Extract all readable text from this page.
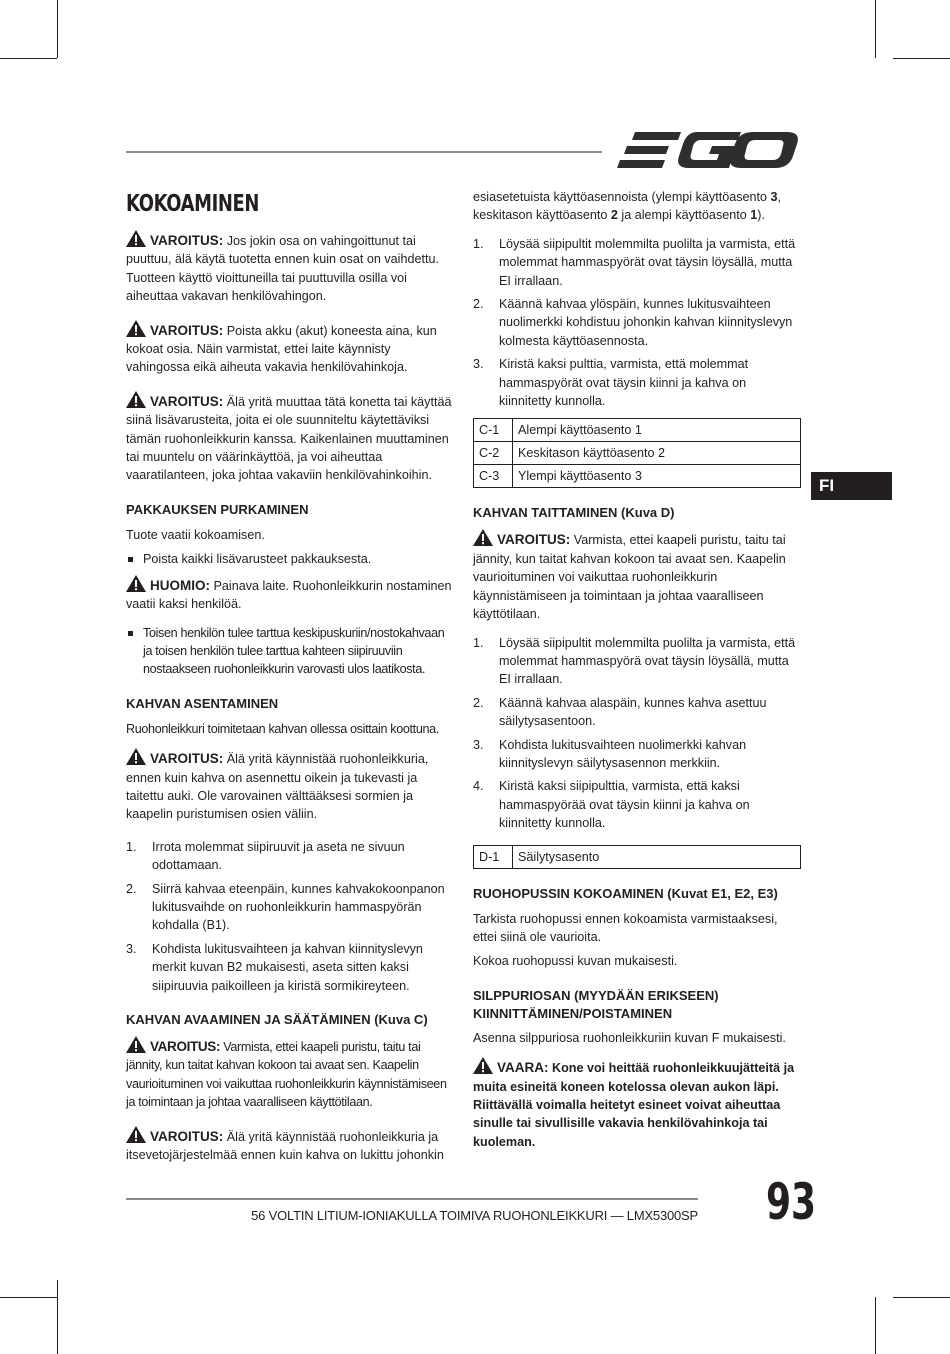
FI
KOKOAMINEN

VAROITUS: Jos jokin osa on vahingoittunut tai puuttuu, älä käytä tuotetta ennen kuin osat on vaihdettu. Tuotteen käyttö vioittuneilla tai puuttuvilla osilla voi aiheuttaa vakavan henkilövahingon.

VAROITUS: Poista akku (akut) koneesta aina, kun kokoat osia. Näin varmistat, ettei laite käynnisty vahingossa eikä aiheuta vakavia henkilövahinkoja.

VAROITUS: Älä yritä muuttaa tätä konetta tai käyttää siinä lisävarusteita, joita ei ole suunniteltu käytettäviksi tämän ruohonleikkurin kanssa. Kaikenlainen muuttaminen tai muuntelu on väärinkäyttöä, ja voi aiheuttaa vaaratilanteen, joka johtaa vakaviin henkilövahinkoihin.

PAKKAUKSEN PURKAMINEN

Tuote vaatii kokoamisen.

Poista kaikki lisävarusteet pakkauksesta.

HUOMIO: Painava laite. Ruohonleikkurin nostaminen vaatii kaksi henkilöä.

Toisen henkilön tulee tarttua keskipuskuriin/nostokahvaan ja toisen henkilön tulee tarttua kahteen siipiruuviin nostaakseen ruohonleikkurin varovasti ulos laatikosta.
KAHVAN ASENTAMINEN

Ruohonleikkuri toimitetaan kahvan ollessa osittain koottuna.

VAROITUS: Älä yritä käynnistää ruohonleikkuria, ennen kuin kahva on asennettu oikein ja tukevasti ja taitettu auki. Ole varovainen välttääksesi sormien ja kaapelin puristumisen osien väliin.

1. Irrota molemmat siipiruuvit ja aseta ne sivuun odottamaan.
2. Siirrä kahvaa eteenpäin, kunnes kahvakokoonpanon lukitusvaihde on ruohonleikkurin hammaspyörän kohdalla (B1).
3. Kohdista lukitusvaihteen ja kahvan kiinnityslevyn merkit kuvan B2 mukaisesti, aseta sitten kaksi siipiruuvia paikoilleen ja kiristä sormikireyteen.
KAHVAN AVAAMINEN JA SÄÄTÄMINEN (Kuva C)

VAROITUS: Varmista, ettei kaapeli puristu, taitu tai jännity, kun taitat kahvan kokoon tai avaat sen. Kaapelin vaurioituminen voi vaikuttaa ruohonleikkurin käynnistämiseen ja toimintaan ja johtaa vaaralliseen käyttötilaan.

VAROITUS: Älä yritä käynnistää ruohonleikkuria ja itsevetojärjestelmää ennen kuin kahva on lukittu johonkin

esiasetetuista käyttöasennoista (ylempi käyttöasento 3, keskitason käyttöasento 2 ja alempi käyttöasento 1).

1. Löysää siipipultit molemmilta puolilta ja varmista, että molemmat hammaspyörät ovat täysin löysällä, mutta EI irrallaan.
2. Käännä kahvaa ylöspäin, kunnes lukitusvaihteen nuolimerkki kohdistuu johonkin kahvan kiinnityslevyn kolmesta käyttöasennosta.
3. Kiristä kaksi pulttia, varmista, että molemmat hammaspyörät ovat täysin kiinni ja kahva on kiinnitetty kunnolla.
C-1	Alempi käyttöasento 1
C-2	Keskitason käyttöasento 2
C-3	Ylempi käyttöasento 3
KAHVAN TAITTAMINEN (Kuva D)

VAROITUS: Varmista, ettei kaapeli puristu, taitu tai jännity, kun taitat kahvan kokoon tai avaat sen. Kaapelin vaurioituminen voi vaikuttaa ruohonleikkurin käynnistämiseen ja toimintaan ja johtaa vaaralliseen käyttötilaan.

1. Löysää siipipultit molemmilta puolilta ja varmista, että molemmat hammaspyörä ovat täysin löysällä, mutta EI irrallaan.
2. Käännä kahvaa alaspäin, kunnes kahva asettuu säilytysasentoon.
3. Kohdista lukitusvaihteen nuolimerkki kahvan kiinnityslevyn säilytysasennon merkkiin.
4. Kiristä kaksi siipipulttia, varmista, että kaksi hammaspyörää ovat täysin kiinni ja kahva on kiinnitetty kunnolla.
D-1	Säilytysasento
RUOHOPUSSIN KOKOAMINEN (Kuvat E1, E2, E3)

Tarkista ruohopussi ennen kokoamista varmistaaksesi, ettei siinä ole vaurioita.

Kokoa ruohopussi kuvan mukaisesti.

SILPPURIOSAN (MYYDÄÄN ERIKSEEN)
KIINNITTÄMINEN/POISTAMINEN

Asenna silppuriosa ruohonleikkuriin kuvan F mukaisesti.

VAARA: Kone voi heittää ruohonleikkuujätteitä ja muita esineitä koneen kotelossa olevan aukon läpi. Riittävällä voimalla heitetyt esineet voivat aiheuttaa sinulle tai sivullisille vakavia henkilövahinkoja tai kuoleman.

56 VOLTIN LITIUM-IONIAKULLA TOIMIVA RUOHONLEIKKURI — LMX5300SP 93
